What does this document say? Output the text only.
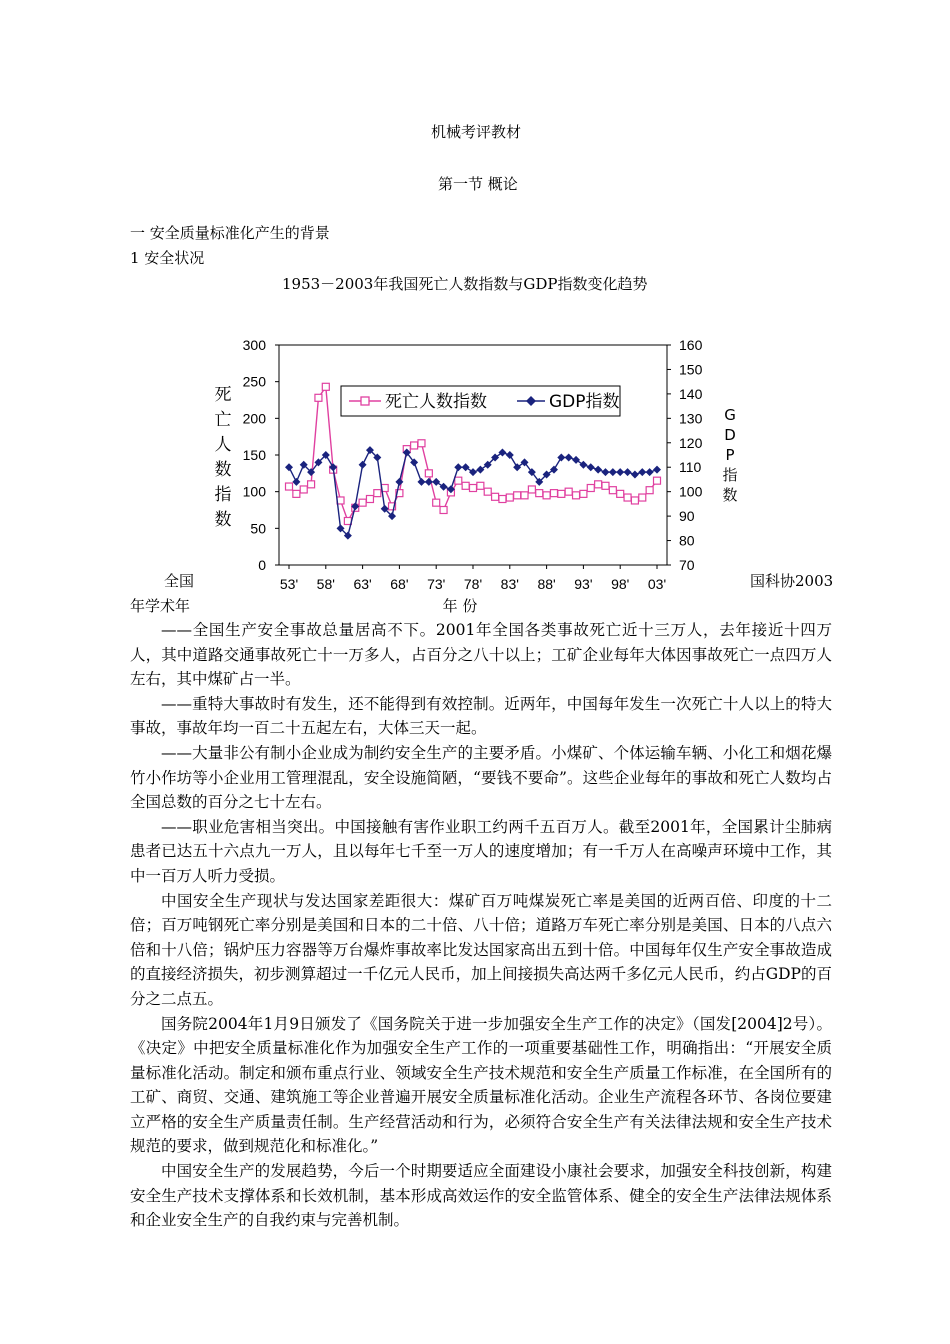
机械考评教材
第一节 概论
一 安全质量标准化产生的背景
1 安全状况
1953－2003年我国死亡人数指数与GDP指数变化趋势
0
50
100
150
200
250
300
70
80
90
100
110
120
130
140
150
160
53' 58' 63' 68' 73' 78' 83' 88' 93' 98' 03'
死亡人数指数
G D P 指数
年 份
死亡人数指数	GDP指数
全国	国科协2003
年学术年

——全国生产安全事故总量居高不下。2001年全国各类事故死亡近十三万人，去年接近十四万人，其中道路交通事故死亡十一万多人，占百分之八十以上；工矿企业每年大体因事故死亡一点四万人左右，其中煤矿占一半。

——重特大事故时有发生，还不能得到有效控制。近两年，中国每年发生一次死亡十人以上的特大事故，事故年均一百二十五起左右，大体三天一起。

——大量非公有制小企业成为制约安全生产的主要矛盾。小煤矿、个体运输车辆、小化工和烟花爆竹小作坊等小企业用工管理混乱，安全设施简陋，“要钱不要命”。这些企业每年的事故和死亡人数均占全国总数的百分之七十左右。

——职业危害相当突出。中国接触有害作业职工约两千五百万人。截至2001年，全国累计尘肺病患者已达五十六点九一万人，且以每年七千至一万人的速度增加；有一千万人在高噪声环境中工作，其中一百万人听力受损。

中国安全生产现状与发达国家差距很大：煤矿百万吨煤炭死亡率是美国的近两百倍、印度的十二倍；百万吨钢死亡率分别是美国和日本的二十倍、八十倍；道路万车死亡率分别是美国、日本的八点六倍和十八倍；锅炉压力容器等万台爆炸事故率比发达国家高出五到十倍。中国每年仅生产安全事故造成的直接经济损失，初步测算超过一千亿元人民币，加上间接损失高达两千多亿元人民币，约占GDP的百分之二点五。

国务院2004年1月9日颁发了《国务院关于进一步加强安全生产工作的决定》（国发[2004]2号）。《决定》中把安全质量标准化作为加强安全生产工作的一项重要基础性工作，明确指出：“开展安全质量标准化活动。制定和颁布重点行业、领域安全生产技术规范和安全生产质量工作标准，在全国所有的工矿、商贸、交通、建筑施工等企业普遍开展安全质量标准化活动。企业生产流程各环节、各岗位要建立严格的安全生产质量责任制。生产经营活动和行为，必须符合安全生产有关法律法规和安全生产技术规范的要求，做到规范化和标准化。”

中国安全生产的发展趋势，今后一个时期要适应全面建设小康社会要求，加强安全科技创新，构建安全生产技术支撑体系和长效机制，基本形成高效运作的安全监管体系、健全的安全生产法律法规体系和企业安全生产的自我约束与完善机制。
